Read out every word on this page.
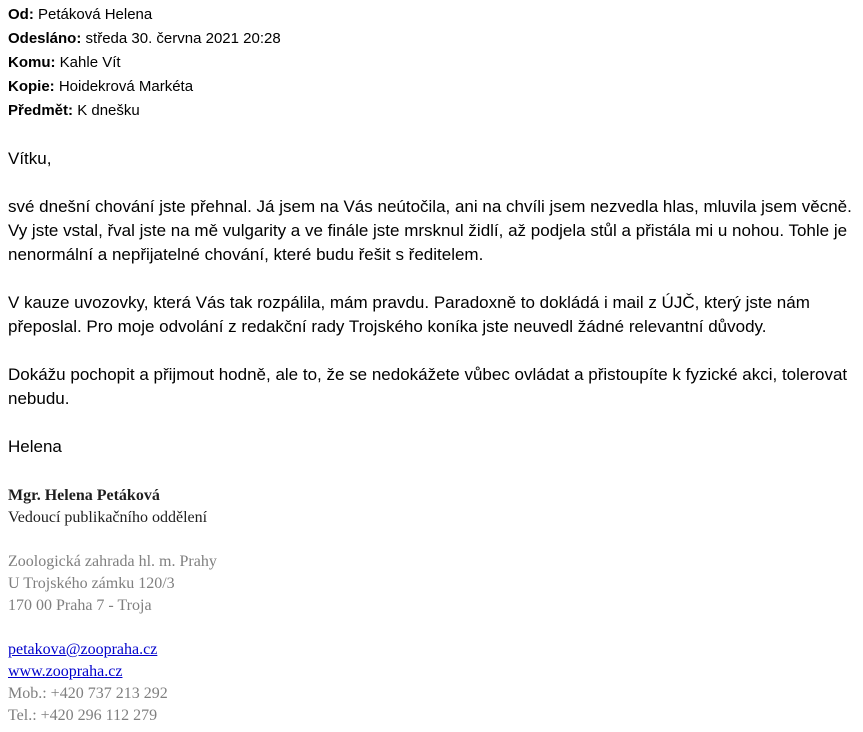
Od: Petáková Helena
Odesláno: středa 30. června 2021 20:28
Komu: Kahle Vít
Kopie: Hoidekrová Markéta
Předmět: K dnešku
Vítku,
své dnešní chování jste přehnal. Já jsem na Vás neútočila, ani na chvíli jsem nezvedla hlas, mluvila jsem věcně. Vy jste vstal, řval jste na mě vulgarity a ve finále jste mrsknul židlí, až podjela stůl a přistála mi u nohou. Tohle je nenormální a nepřijatelné chování, které budu řešit s ředitelem.
V kauze uvozovky, která Vás tak rozpálila, mám pravdu. Paradoxně to dokládá i mail z ÚJČ, který jste nám přeposlal. Pro moje odvolání z redakční rady Trojského koníka jste neuvedl žádné relevantní důvody.
Dokážu pochopit a přijmout hodně, ale to, že se nedokážete vůbec ovládat a přistoupíte k fyzické akci, tolerovat nebudu.
Helena
Mgr. Helena Petáková
Vedoucí publikačního oddělení
Zoologická zahrada hl. m. Prahy
U Trojského zámku 120/3
170 00 Praha 7 - Troja
petakova@zoopraha.cz
www.zoopraha.cz
Mob.: +420 737 213 292
Tel.: +420 296 112 279
